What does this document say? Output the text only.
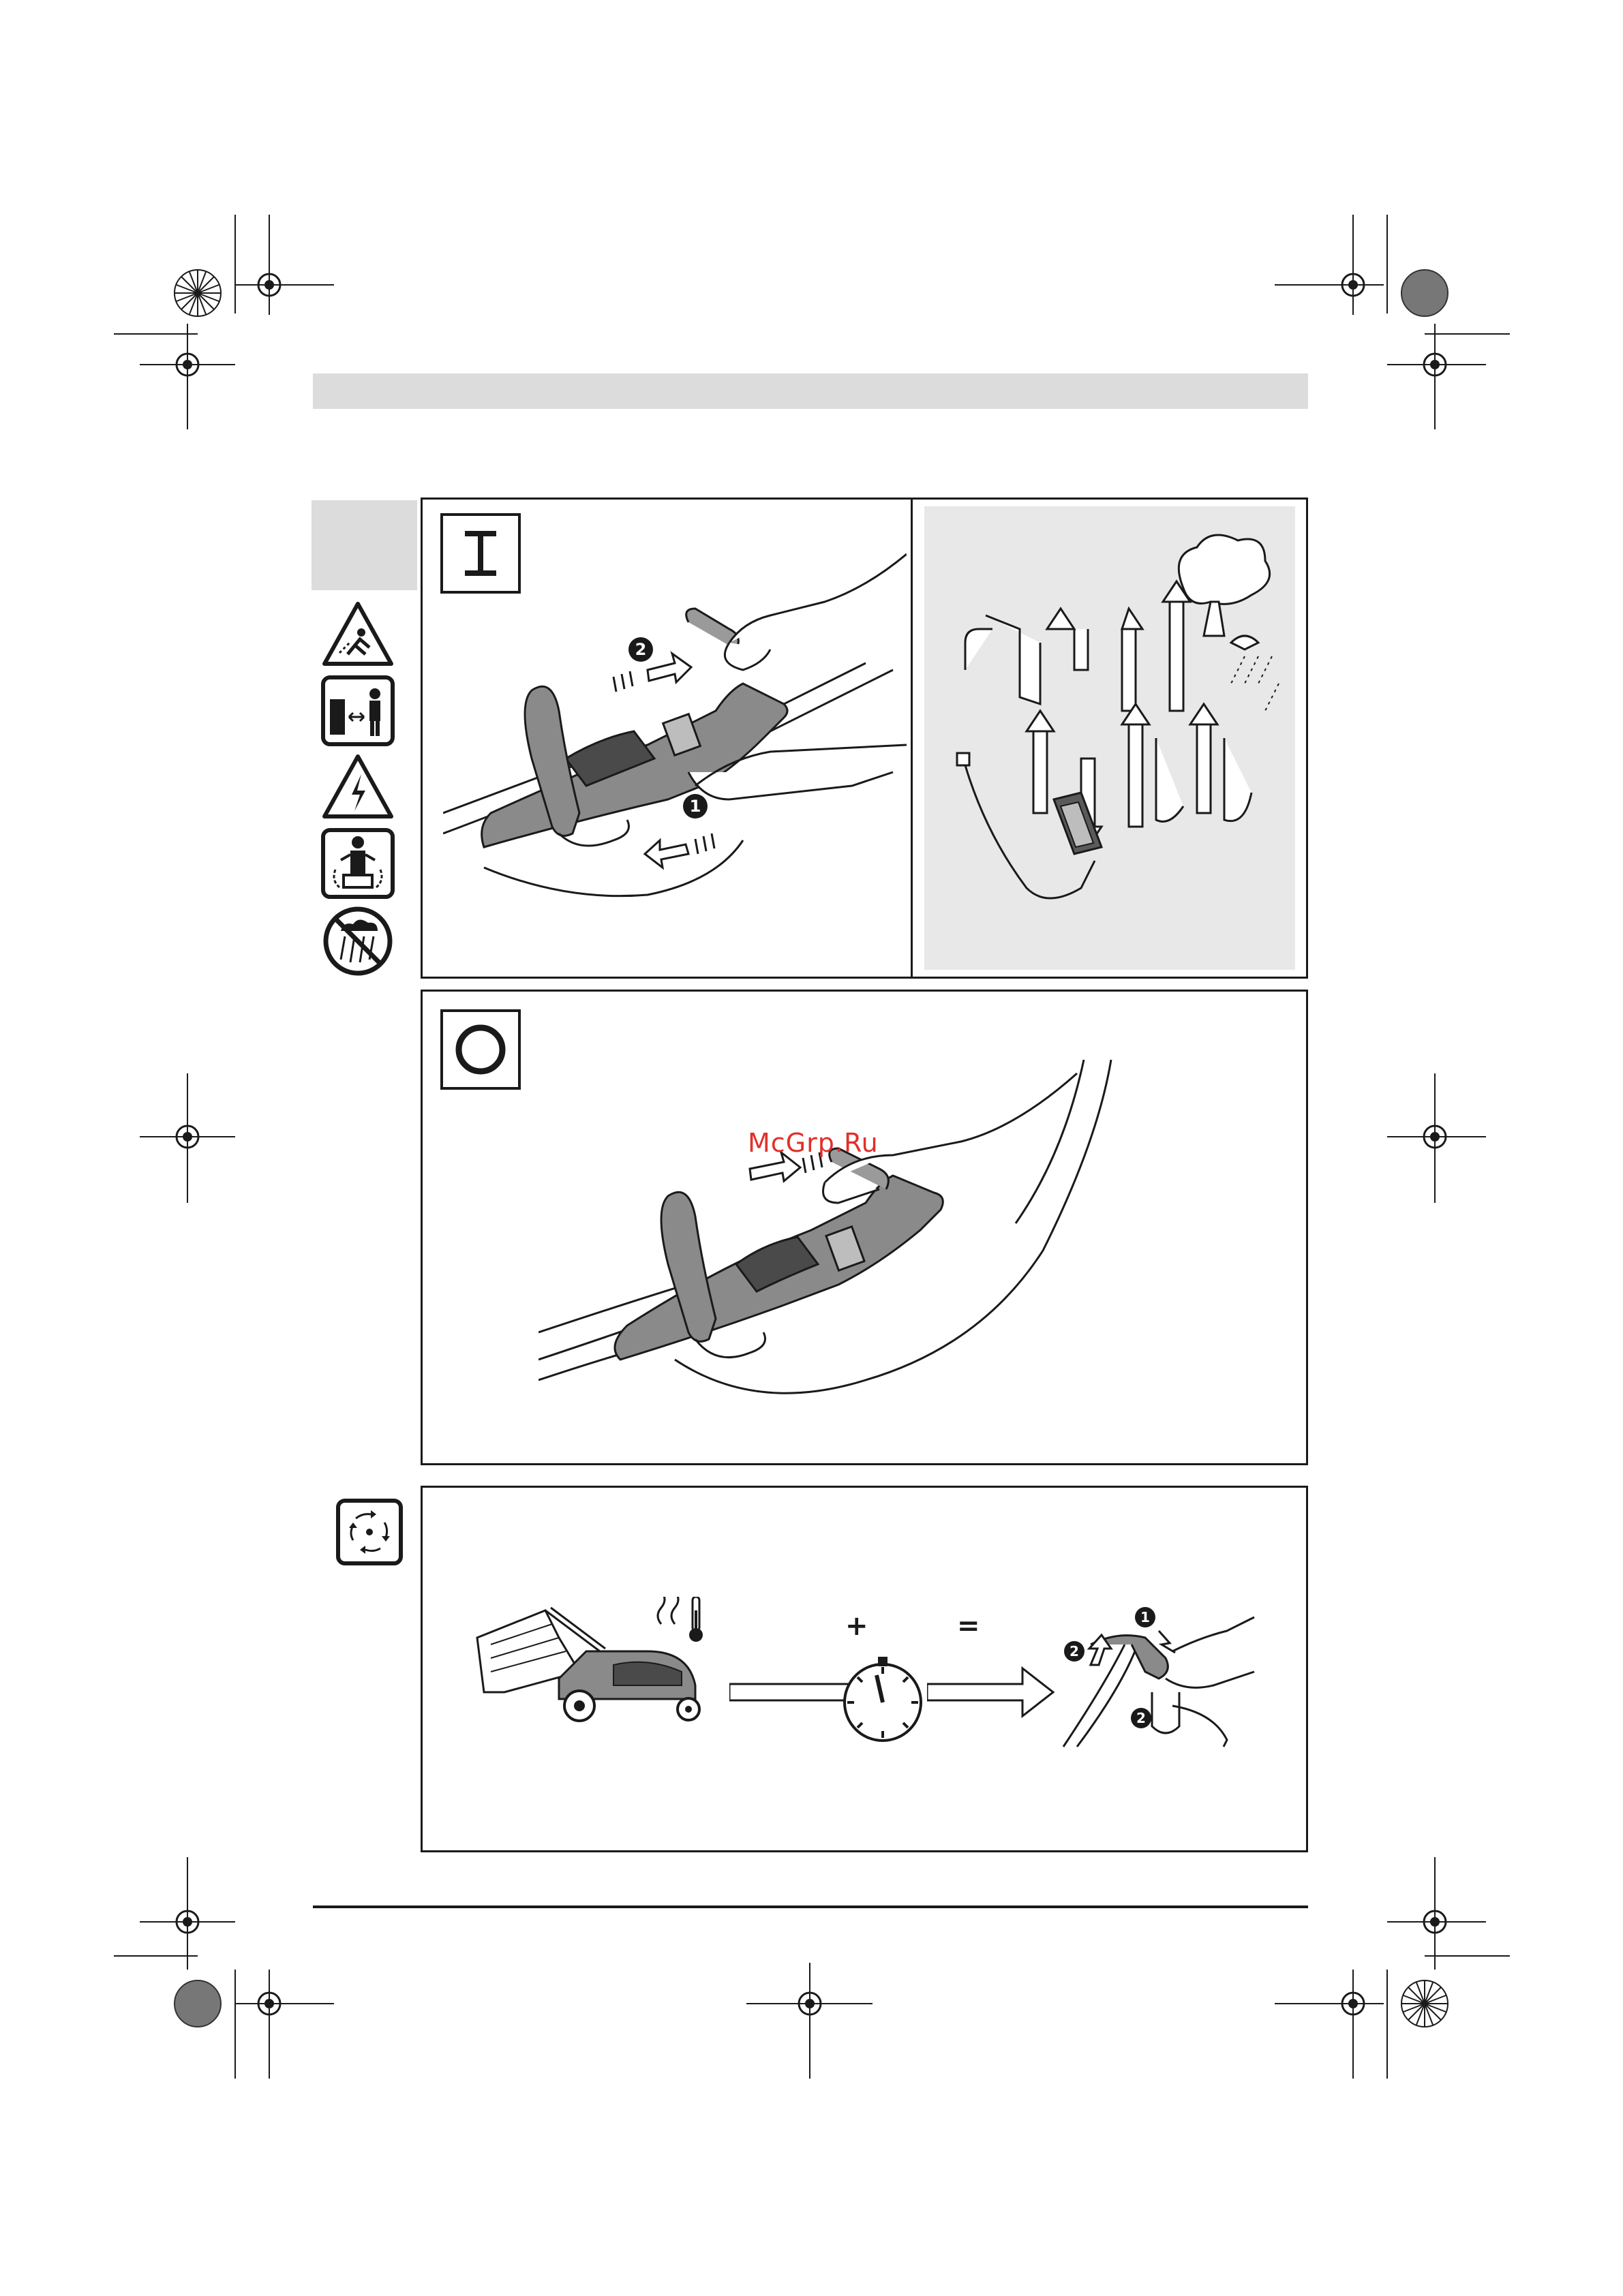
2
1
McGrp.Ru
+	=	1
2
2
